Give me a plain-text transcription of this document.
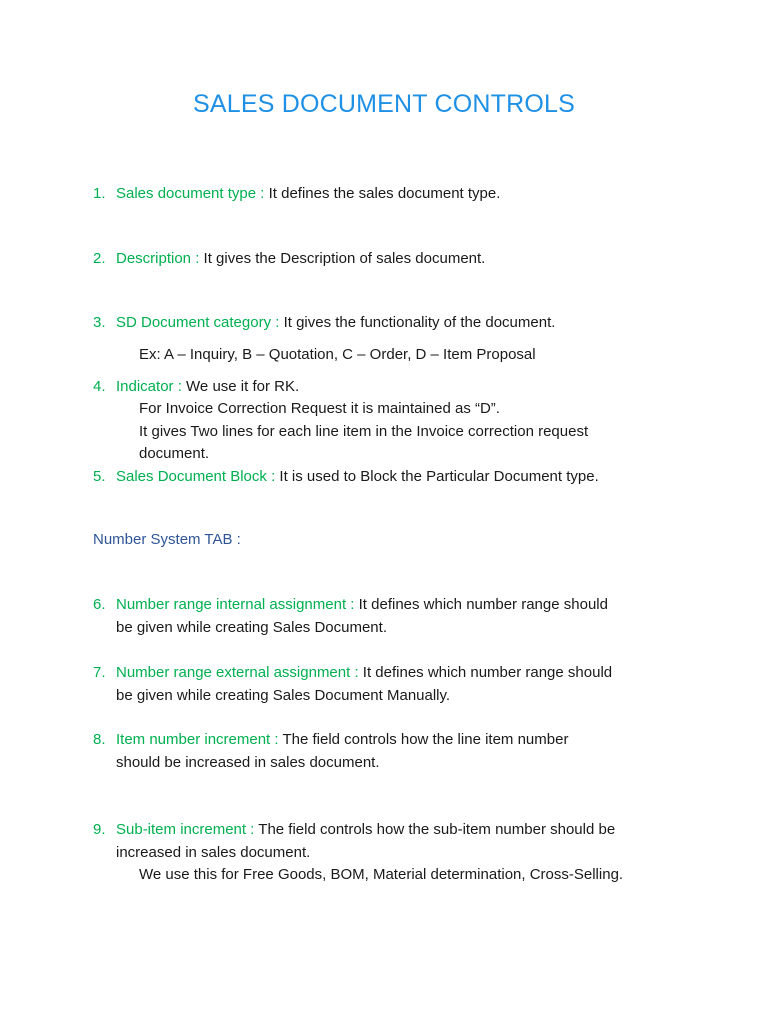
SALES DOCUMENT CONTROLS
1. Sales document type : It defines the sales document type.
2. Description : It gives the Description of sales document.
3. SD Document category : It gives the functionality of the document.
Ex: A – Inquiry, B – Quotation, C – Order, D – Item Proposal
4. Indicator : We use it for RK.
For Invoice Correction Request it is maintained as “D”.
It gives Two lines for each line item in the Invoice correction request
document.
5. Sales Document Block : It is used to Block the Particular Document type.
Number System TAB :
6. Number range internal assignment : It defines which number range should
be given while creating Sales Document.
7. Number range external assignment : It defines which number range should
be given while creating Sales Document Manually.
8. Item number increment : The field controls how the line item number
should be increased in sales document.
9. Sub-item increment : The field controls how the sub-item number should be
increased in sales document.
We use this for Free Goods, BOM, Material determination, Cross-Selling.
